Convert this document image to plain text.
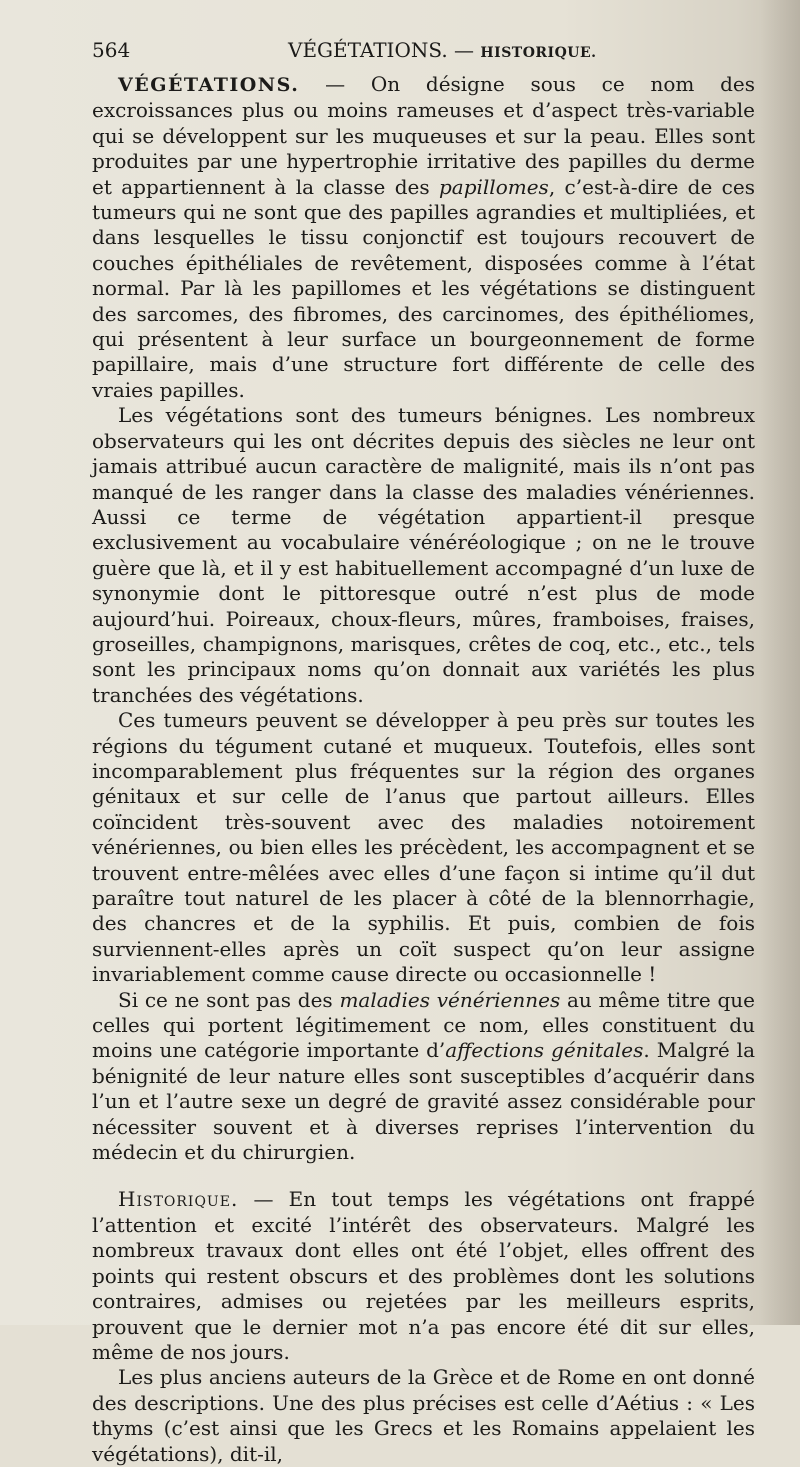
564	VÉGÉTATIONS. — HISTORIQUE.

VÉGÉTATIONS. — On désigne sous ce nom des excroissances plus ou moins rameuses et d’aspect très-variable qui se développent sur les muqueuses et sur la peau. Elles sont produites par une hypertrophie irritative des papilles du derme et appartiennent à la classe des papillomes, c’est-à-dire de ces tumeurs qui ne sont que des papilles agrandies et multipliées, et dans lesquelles le tissu conjonctif est toujours recouvert de couches épithéliales de revêtement, disposées comme à l’état normal. Par là les papillomes et les végétations se distinguent des sarcomes, des fibromes, des carcinomes, des épithéliomes, qui présentent à leur surface un bourgeonnement de forme papillaire, mais d’une structure fort différente de celle des vraies papilles.

Les végétations sont des tumeurs bénignes. Les nombreux observateurs qui les ont décrites depuis des siècles ne leur ont jamais attribué aucun caractère de malignité, mais ils n’ont pas manqué de les ranger dans la classe des maladies vénériennes. Aussi ce terme de végétation appartient-il presque exclusivement au vocabulaire vénéréologique ; on ne le trouve guère que là, et il y est habituellement accompagné d’un luxe de synonymie dont le pittoresque outré n’est plus de mode aujourd’hui. Poireaux, choux-fleurs, mûres, framboises, fraises, groseilles, champignons, marisques, crêtes de coq, etc., etc., tels sont les principaux noms qu’on donnait aux variétés les plus tranchées des végétations.

Ces tumeurs peuvent se développer à peu près sur toutes les régions du tégument cutané et muqueux. Toutefois, elles sont incomparablement plus fréquentes sur la région des organes génitaux et sur celle de l’anus que partout ailleurs. Elles coïncident très-souvent avec des maladies notoirement vénériennes, ou bien elles les précèdent, les accompagnent et se trouvent entre-mêlées avec elles d’une façon si intime qu’il dut paraître tout naturel de les placer à côté de la blennorrhagie, des chancres et de la syphilis. Et puis, combien de fois surviennent-elles après un coït suspect qu’on leur assigne invariablement comme cause directe ou occasionnelle !

Si ce ne sont pas des maladies vénériennes au même titre que celles qui portent légitimement ce nom, elles constituent du moins une catégorie importante d’affections génitales. Malgré la bénignité de leur nature elles sont susceptibles d’acquérir dans l’un et l’autre sexe un degré de gravité assez considérable pour nécessiter souvent et à diverses reprises l’intervention du médecin et du chirurgien.

Historique. — En tout temps les végétations ont frappé l’attention et excité l’intérêt des observateurs. Malgré les nombreux travaux dont elles ont été l’objet, elles offrent des points qui restent obscurs et des problèmes dont les solutions contraires, admises ou rejetées par les meilleurs esprits, prouvent que le dernier mot n’a pas encore été dit sur elles, même de nos jours.

Les plus anciens auteurs de la Grèce et de Rome en ont donné des descriptions. Une des plus précises est celle d’Aétius : « Les thyms (c’est ainsi que les Grecs et les Romains appelaient les végétations), dit-il,
